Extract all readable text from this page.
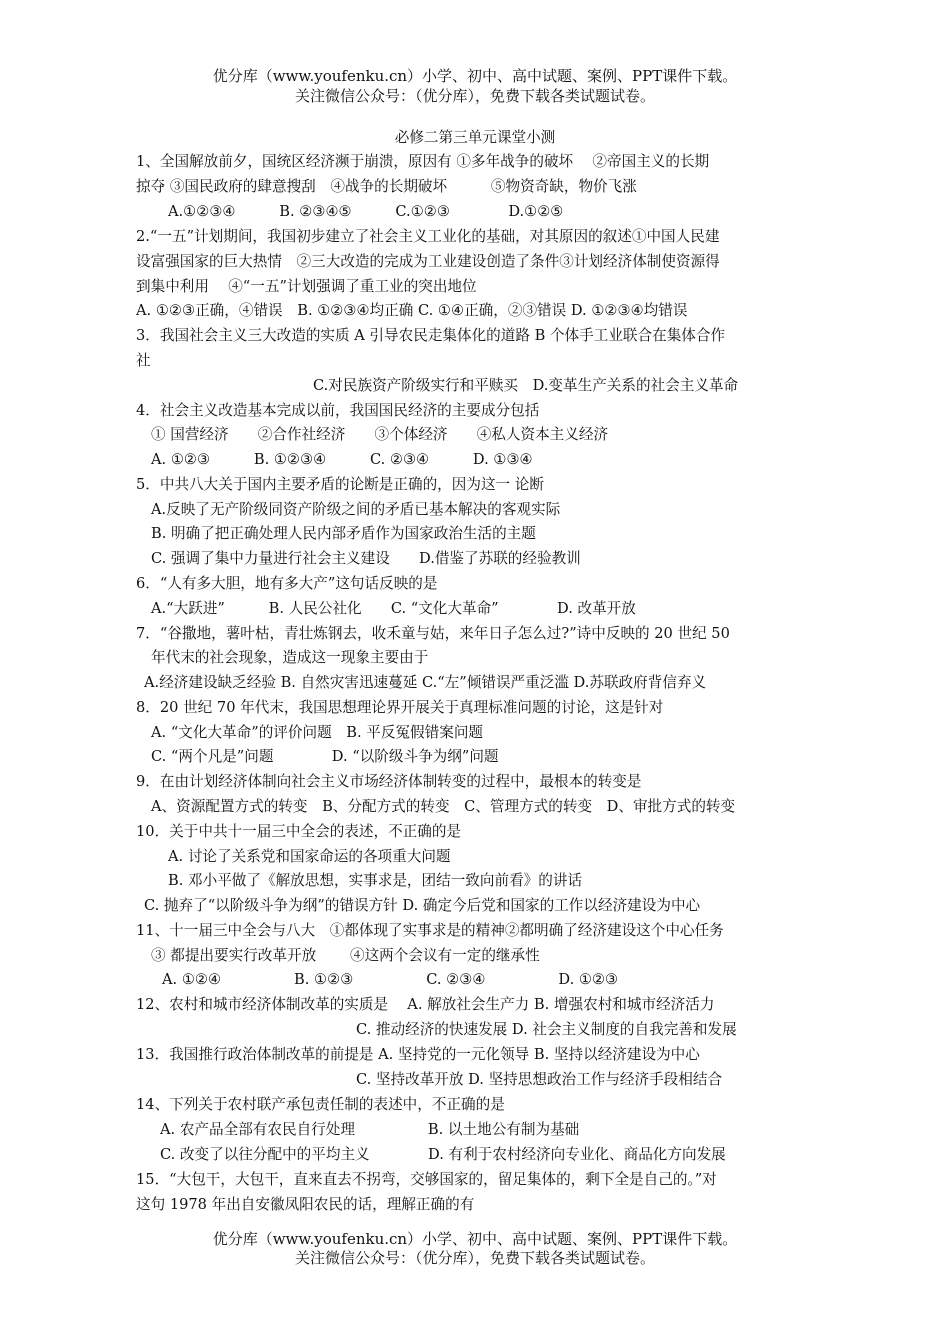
优分库（www.youfenku.cn）小学、初中、高中试题、案例、PPT课件下载。
关注微信公众号：（优分库），免费下载各类试题试卷。
必修二第三单元课堂小测
1、全国解放前夕，国统区经济濒于崩溃，原因有 ①多年战争的破坏　 ②帝国主义的长期
掠夺 ③国民政府的肆意搜刮　④战争的长期破坏　　　⑤物资奇缺，物价飞涨
A.①②③④　　　B. ②③④⑤　　　C.①②③　　　　D.①②⑤
2.“一五”计划期间，我国初步建立了社会主义工业化的基础，对其原因的叙述①中国人民建
设富强国家的巨大热情　②三大改造的完成为工业建设创造了条件③计划经济体制使资源得
到集中利用　 ④“一五”计划强调了重工业的突出地位
A. ①②③正确，④错误　B. ①②③④均正确 C. ①④正确，②③错误 D. ①②③④均错误
3．我国社会主义三大改造的实质 A 引导农民走集体化的道路 B 个体手工业联合在集体合作
社
C.对民族资产阶级实行和平赎买　D.变革生产关系的社会主义革命
4．社会主义改造基本完成以前，我国国民经济的主要成分包括
① 国营经济　　②合作社经济　　③个体经济　　④私人资本主义经济
A. ①②③　　　B. ①②③④　　　C. ②③④　　　D. ①③④
5．中共八大关于国内主要矛盾的论断是正确的，因为这一 论断
A.反映了无产阶级同资产阶级之间的矛盾已基本解决的客观实际
B. 明确了把正确处理人民内部矛盾作为国家政治生活的主题
C. 强调了集中力量进行社会主义建设　　D.借鉴了苏联的经验教训
6．“人有多大胆，地有多大产”这句话反映的是
A.“大跃进”　　　B. 人民公社化　　C. “文化大革命”　　　　D. 改革开放
7．“谷撒地，薯叶枯，青壮炼钢去，收禾童与姑，来年日子怎么过?”诗中反映的 20 世纪 50
年代末的社会现象，造成这一现象主要由于
A.经济建设缺乏经验 B. 自然灾害迅速蔓延 C.“左”倾错误严重泛滥 D.苏联政府背信弃义
8．20 世纪 70 年代末，我国思想理论界开展关于真理标准问题的讨论，这是针对
A. “文化大革命”的评价问题　B. 平反冤假错案问题
C. “两个凡是”问题　　　　D. “以阶级斗争为纲”问题
9．在由计划经济体制向社会主义市场经济体制转变的过程中，最根本的转变是
A、资源配置方式的转变　B、分配方式的转变　C、管理方式的转变　D、审批方式的转变
10．关于中共十一届三中全会的表述，不正确的是
A. 讨论了关系党和国家命运的各项重大问题
B. 邓小平做了《解放思想，实事求是，团结一致向前看》的讲话
C. 抛弃了“以阶级斗争为纲”的错误方针 D. 确定今后党和国家的工作以经济建设为中心
11、十一届三中全会与八大　①都体现了实事求是的精神②都明确了经济建设这个中心任务
③ 都提出要实行改革开放　　 ④这两个会议有一定的继承性
A. ①②④　　　　　B. ①②③　　　　　C. ②③④　　　　　D. ①②③
12、农村和城市经济体制改革的实质是　 A. 解放社会生产力 B. 增强农村和城市经济活力
C. 推动经济的快速发展 D. 社会主义制度的自我完善和发展
13．我国推行政治体制改革的前提是 A. 坚持党的一元化领导 B. 坚持以经济建设为中心
C. 坚持改革开放 D. 坚持思想政治工作与经济手段相结合
14、下列关于农村联产承包责任制的表述中，不正确的是
A. 农产品全部有农民自行处理　　　　　B. 以土地公有制为基础
C. 改变了以往分配中的平均主义　　　　D. 有利于农村经济向专业化、商品化方向发展
15．“大包干，大包干，直来直去不拐弯，交够国家的，留足集体的，剩下全是自己的。”对
这句 1978 年出自安徽凤阳农民的话，理解正确的有
优分库（www.youfenku.cn）小学、初中、高中试题、案例、PPT课件下载。
关注微信公众号：（优分库），免费下载各类试题试卷。
